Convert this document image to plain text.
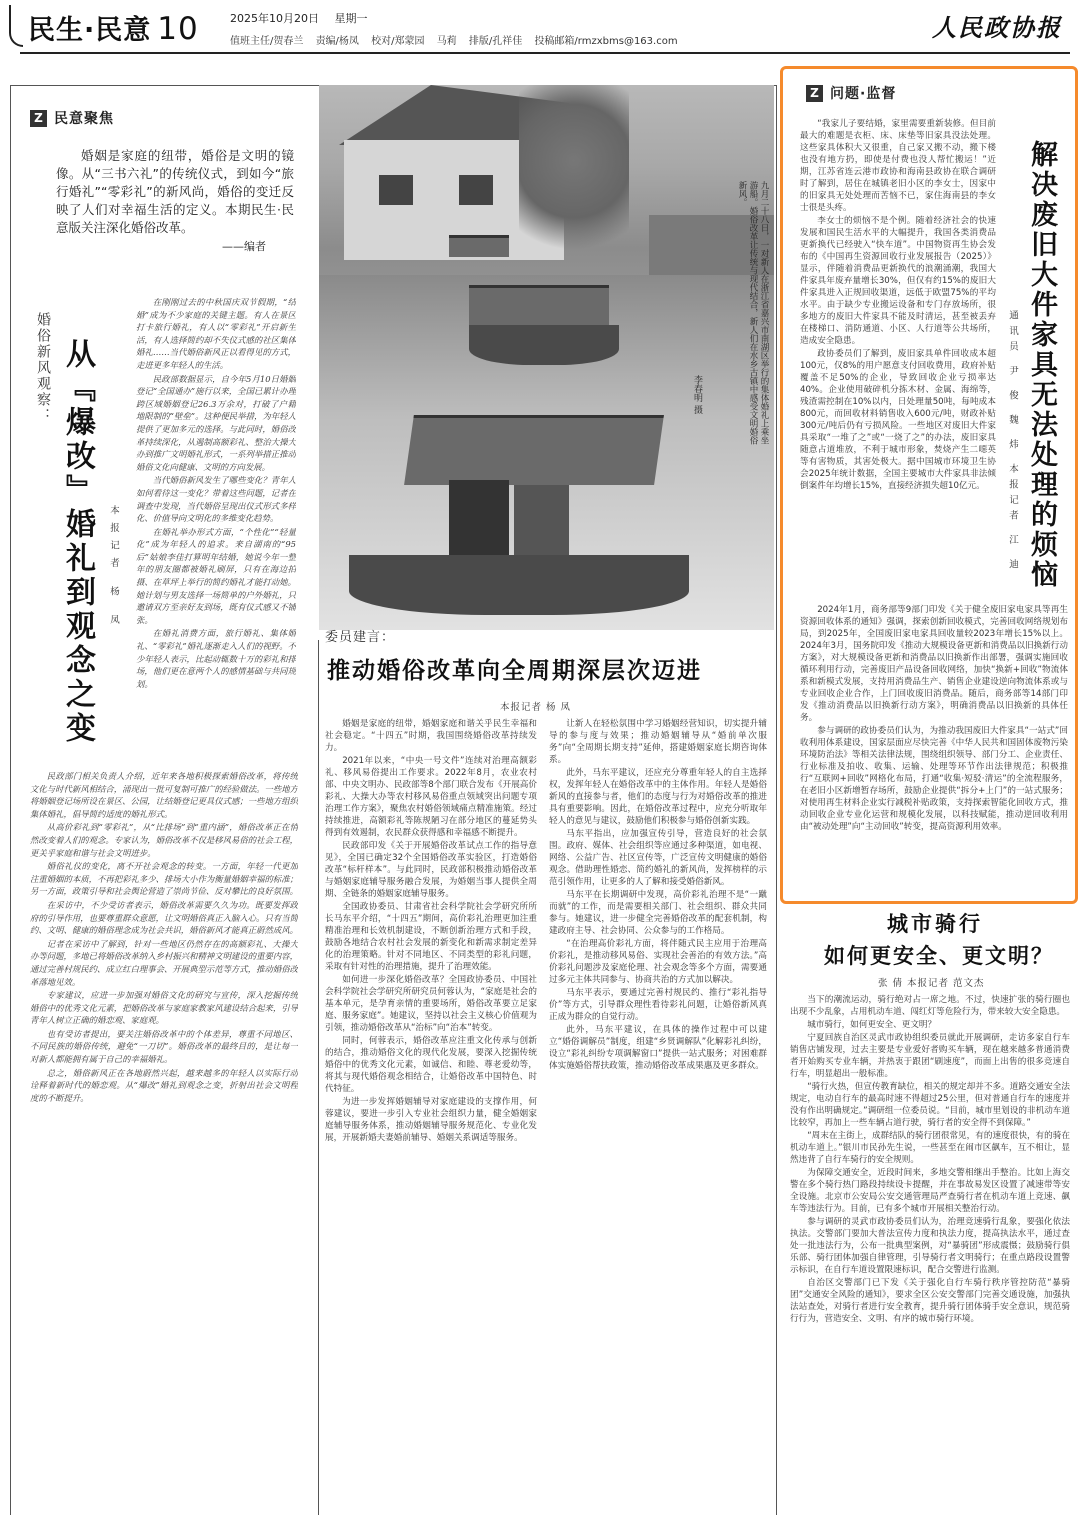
民生·民意 10	2025年10月20日 星期一
值班主任/贺春兰 责编/杨凤 校对/郑蒙园 马莉 排版/孔祥佳 投稿邮箱/rmzxbms@163.com	人民政协报
Z 民意聚焦
婚姻是家庭的纽带，婚俗是文明的镜像。从“三书六礼”的传统仪式，到如今“旅行婚礼”“零彩礼”的新风尚，婚俗的变迁反映了人们对幸福生活的定义。本期民生·民意版关注深化婚俗改革。
——编者
婚俗新风观察： 从『爆改』婚礼到观念之变 本报记者 杨 凤

在刚刚过去的中秋国庆双节假期，“结婚”成为不少家庭的关键主题。有人在景区打卡旅行婚礼，有人以“零彩礼”开启新生活，有人选择简约却不失仪式感的社区集体婚礼……当代婚俗新风正以看得见的方式，走进更多年轻人的生活。

民政部数据显示，自今年5月10日婚姻登记“全国通办”施行以来，全国已累计办理跨区域婚姻登记26.3万余对，打破了户籍地限制的“壁垒”。这种便民举措，为年轻人提供了更加多元的选择。与此同时，婚俗改革持续深化，从遏制高额彩礼、整治大操大办到推广文明婚礼形式，一系列举措正推动婚俗文化向健康、文明的方向发展。

当代婚俗新风发生了哪些变化？青年人如何看待这一变化？带着这些问题，记者在调查中发现，当代婚俗呈现出仪式形式多样化、价值导向文明化的多维变化趋势。

在婚礼举办形式方面，“个性化”“轻量化”成为年轻人的追求。来自湖南的“95后”姑娘李佳打算明年结婚，她说今年一整年的朋友圈都被婚礼刷屏，只有在海边拍摄、在草坪上举行的简约婚礼才能打动她。她计划与男友选择一场简单的户外婚礼，只邀请双方至亲好友到场，既有仪式感又不铺张。

在婚礼消费方面，旅行婚礼、集体婚礼、“零彩礼”婚礼逐渐走入人们的视野。不少年轻人表示，比起动辄数十万的彩礼和排场，他们更在意两个人的感情基础与共同规划。

民政部门相关负责人介绍，近年来各地积极探索婚俗改革，将传统文化与时代新风相结合，涌现出一批可复制可推广的经验做法。一些地方将婚姻登记场所设在景区、公园，让结婚登记更具仪式感；一些地方组织集体婚礼，倡导简约适度的婚礼形式。

从高价彩礼到“零彩礼”，从“比排场”到“重内涵”，婚俗改革正在悄然改变着人们的观念。专家认为，婚俗改革不仅是移风易俗的社会工程，更关乎家庭和谐与社会文明进步。

婚俗礼仪的变化，离不开社会观念的转变。一方面，年轻一代更加注重婚姻的本质，不再把彩礼多少、排场大小作为衡量婚姻幸福的标准；另一方面，政策引导和社会舆论营造了崇尚节俭、反对攀比的良好氛围。

在采访中，不少受访者表示，婚俗改革需要久久为功。既要发挥政府的引导作用，也要尊重群众意愿，让文明婚俗真正入脑入心。只有当简约、文明、健康的婚俗理念成为社会共识，婚俗新风才能真正蔚然成风。

记者在采访中了解到，针对一些地区仍然存在的高额彩礼、大操大办等问题，多地已将婚俗改革纳入乡村振兴和精神文明建设的重要内容，通过完善村规民约、成立红白理事会、开展典型示范等方式，推动婚俗改革落地见效。

专家建议，应进一步加强对婚俗文化的研究与宣传，深入挖掘传统婚俗中的优秀文化元素，把婚俗改革与家庭家教家风建设结合起来，引导青年人树立正确的婚恋观、家庭观。

也有受访者提出，要关注婚俗改革中的个体差异，尊重不同地区、不同民族的婚俗传统，避免“一刀切”。婚俗改革的最终目的，是让每一对新人都能拥有属于自己的幸福婚礼。

总之，婚俗新风正在各地蔚然兴起，越来越多的年轻人以实际行动诠释着新时代的婚恋观。从“爆改”婚礼到观念之变，折射出社会文明程度的不断提升。

九月二十八日，一对新人在浙江省嘉兴市南湖区举行的集体婚礼上乘坐游船。婚俗改革让传统与现代结合，新人们在水乡古镇中感受文明婚俗新风。
李春明 摄
委员建言：
推动婚俗改革向全周期深层次迈进
本报记者 杨 凤

婚姻是家庭的纽带，婚姻家庭和谐关乎民生幸福和社会稳定。“十四五”时期，我国围绕婚俗改革持续发力。

2021年以来，“中央一号文件”连续对治理高额彩礼、移风易俗提出工作要求。2022年8月，农业农村部、中央文明办、民政部等8个部门联合发布《开展高价彩礼、大操大办等农村移风易俗重点领域突出问题专项治理工作方案》，聚焦农村婚俗领域痛点精准施策。经过持续推进，高额彩礼等陈规陋习在部分地区的蔓延势头得到有效遏制，农民群众获得感和幸福感不断提升。

民政部印发《关于开展婚俗改革试点工作的指导意见》，全国已确定32个全国婚俗改革实验区，打造婚俗改革“标杆样本”。与此同时，民政部积极推动婚俗改革与婚姻家庭辅导服务融合发展，为婚姻当事人提供全周期、全链条的婚姻家庭辅导服务。

全国政协委员、甘肃省社会科学院社会学研究所所长马东平介绍，“十四五”期间，高价彩礼治理更加注重精准治理和长效机制建设，不断创新治理方式和手段，鼓励各地结合农村社会发展的新变化和新需求制定差异化的治理策略。针对不同地区、不同类型的彩礼问题，采取有针对性的治理措施，提升了治理效能。

如何进一步深化婚俗改革？全国政协委员、中国社会科学院社会学研究所研究员何蓉认为，“家庭是社会的基本单元，是孕育亲情的重要场所，婚俗改革要立足家庭、服务家庭”。她建议，坚持以社会主义核心价值观为引领，推动婚俗改革从“治标”向“治本”转变。

同时，何蓉表示，婚俗改革应注重文化传承与创新的结合，推动婚俗文化的现代化发展，要深入挖掘传统婚俗中的优秀文化元素，如诚信、和睦、尊老爱幼等，将其与现代婚俗观念相结合，让婚俗改革中国特色、时代特征。

为进一步发挥婚姻辅导对家庭建设的支撑作用，何蓉建议，要进一步引入专业社会组织力量，健全婚姻家庭辅导服务体系，推动婚姻辅导服务规范化、专业化发展，开展新婚夫妻婚前辅导、婚姻关系调适等服务。

让新人在轻松氛围中学习婚姻经营知识，切实提升辅导的参与度与效果；推动婚姻辅导从“婚前单次服务”向“全周期长期支持”延伸，搭建婚姻家庭长期咨询体系。

此外，马东平建议，还应充分尊重年轻人的自主选择权，发挥年轻人在婚俗改革中的主体作用。年轻人是婚俗新风的直接参与者，他们的态度与行为对婚俗改革的推进具有重要影响。因此，在婚俗改革过程中，应充分听取年轻人的意见与建议，鼓励他们积极参与婚俗创新实践。

马东平指出，应加强宣传引导，营造良好的社会氛围。政府、媒体、社会组织等应通过多种渠道，如电视、网络、公益广告、社区宣传等，广泛宣传文明健康的婚俗观念。借助理性婚恋、简约婚礼的新风尚，发挥榜样的示范引领作用，让更多的人了解和接受婚俗新风。

马东平在长期调研中发现，高价彩礼治理不是“一蹴而就”的工作，而是需要相关部门、社会组织、群众共同参与。她建议，进一步健全完善婚俗改革的配套机制，构建政府主导、社会协同、公众参与的工作格局。

“在治理高价彩礼方面，将伴随式民主应用于治理高价彩礼，是推动移风易俗、实现社会善治的有效方法。”高价彩礼问题涉及家庭伦理、社会观念等多个方面，需要通过多元主体共同参与、协商共治的方式加以解决。

马东平表示，要通过完善村规民约、推行“彩礼指导价”等方式，引导群众理性看待彩礼问题，让婚俗新风真正成为群众的自觉行动。

此外，马东平建议，在具体的操作过程中可以建立“婚俗调解员”制度，组建“乡贤调解队”化解彩礼纠纷，设立“彩礼纠纷专项调解窗口”提供一站式服务；对困难群体实施婚俗帮扶政策，推动婚俗改革成果惠及更多群众。

Z 问题·监督
解决废旧大件家具无法处理的烦恼
通讯员 尹 俊 魏 炜 本报记者 江 迪

“我家儿子要结婚，家里需要重新装修。但目前最大的难题是衣柜、床、床垫等旧家具没法处理。这些家具体积大又很重，自己家又搬不动，搬下楼也没有地方扔，即使是付费也没人帮忙搬运！”近期，江苏省连云港市政协和海南县政协在联合调研时了解到，居住在城镇老旧小区的李女士，因家中的旧家具无处处理而苦恼不已，家住海南县的李女士很是头疼。

李女士的烦恼不是个例。随着经济社会的快速发展和国民生活水平的大幅提升，我国各类消费品更新换代已经驶入“快车道”。中国物资再生协会发布的《中国再生资源回收行业发展报告（2025）》显示，伴随着消费品更新换代的浪潮涌潮，我国大件家具年废弃量增长30%，但仅有约15%的废旧大件家具进入正规回收渠道，远低于欧盟75%的平均水平。由于缺少专业搬运设备和专门存放场所，很多地方的废旧大件家具不能及时清运，甚至被丢弃在楼梯口、消防通道、小区、人行道等公共场所，造成安全隐患。

政协委员们了解到，废旧家具单件回收成本超100元，仅8%的用户愿意支付回收费用，政府补贴覆盖不足50%的企业，导致回收企业亏损率达40%。企业使用破碎机分拣木材、金属、海绵等，残渣需控制在10%以内，日处理量50吨，每吨成本800元，而回收材料销售收入600元/吨，财政补贴300元/吨后仍有亏损风险。一些地区对废旧大件家具采取“一堆了之”或“一烧了之”的办法，废旧家具随意占道堆放，不利于城市形象，焚烧产生二噁英等有害物质，其害处极大。据中国城市环境卫生协会2025年统计数据，全国主要城市大件家具非法倾倒案件年均增长15%，直接经济损失超10亿元。

2024年1月，商务部等9部门印发《关于健全废旧家电家具等再生资源回收体系的通知》强调，探索创新回收模式，完善回收网络规划布局，到2025年，全国废旧家电家具回收量较2023年增长15%以上。2024年3月，国务院印发《推动大规模设备更新和消费品以旧换新行动方案》，对大规模设备更新和消费品以旧换新作出部署，强调实施回收循环利用行动，完善废旧产品设备回收网络，加快“换新+回收”物流体系和新模式发展，支持用消费品生产、销售企业建设逆向物流体系或与专业回收企业合作，上门回收废旧消费品。随后，商务部等14部门印发《推动消费品以旧换新行动方案》，明确消费品以旧换新的具体任务。

参与调研的政协委员们认为，为推动我国废旧大件家具“一站式”回收利用体系建设，国家层面应尽快完善《中华人民共和国固体废物污染环境防治法》等相关法律法规，围绕组织领导、部门分工、企业责任、行业标准及拍收、收集、运输、处理等环节作出法律规范；积极推行“互联网+回收”网格化布局，打通“收集·短驳·清运”的全流程服务，在老旧小区新增暂存场所，鼓励企业提供“拆分+上门”的一站式服务；对使用再生材料企业实行减税补贴政策，支持探索智能化回收方式，推动回收企业专业化运营和规模化发展，以科技赋能，推动逆回收利用由“被动处理”向“主动回收”转变，提高资源利用效率。

城市骑行
如何更安全、更文明？
张 倩 本报记者 范文杰

当下的潮流运动，骑行绝对占一席之地。不过，快速扩张的骑行圈也出现不少乱象，占用机动车道、闯红灯等危险行为，带来较大安全隐患。

城市骑行，如何更安全、更文明？

宁夏回族自治区灵武市政协组织委员就此开展调研，走访多家自行车销售店铺发现，过去主要是专业爱好者购买车辆，现在越来越多普通消费者开始购买专业车辆，并热衷于跟团“刷速度”，而面上出售的很多竞速自行车，明显超出一般标准。

“骑行火热，但宣传教育缺位，相关的规定却并不多。道路交通安全法规定，电动自行车的最高时速不得超过25公里，但对普通自行车的速度并没有作出明确规定。”调研组一位委员说。“目前，城市里划设的非机动车道比较窄，再加上一些车辆占道行驶，骑行者的安全得不到保障。”

“周末在主街上，成群结队的骑行团很常见，有的速度很快，有的骑在机动车道上。”银川市民孙先生说，一些甚至在闹市区飙车，互不相让，显然违背了自行车骑行的安全规则。

为保障交通安全，近段时间来，多地交警相继出手整治。比如上海交警在多个骑行热门路段持续设卡提醒，并在事故易发区设置了减速带等安全设施。北京市公安局公安交通管理局严查骑行者在机动车道上竞速、飙车等违法行为。目前，已有多个城市开展相关整治行动。

参与调研的灵武市政协委员们认为，治理竞速骑行乱象，要强化依法执法。交警部门要加大普法宣传力度和执法力度，提高执法水平，通过查处一批违法行为，公布一批典型案例，对“暴骑团”形成震慑；鼓励骑行俱乐部、骑行团体加强自律管理，引导骑行者文明骑行；在重点路段设置警示标识，在自行车道设置限速标识，配合交警进行监测。

自治区交警部门已下发《关于强化自行车骑行秩序管控防范“暴骑团”交通安全风险的通知》，要求全区公安交警部门完善交通设施，加强执法站查处，对骑行者进行安全教育，提升骑行团体骑手安全意识，规范骑行行为，营造安全、文明、有序的城市骑行环境。
